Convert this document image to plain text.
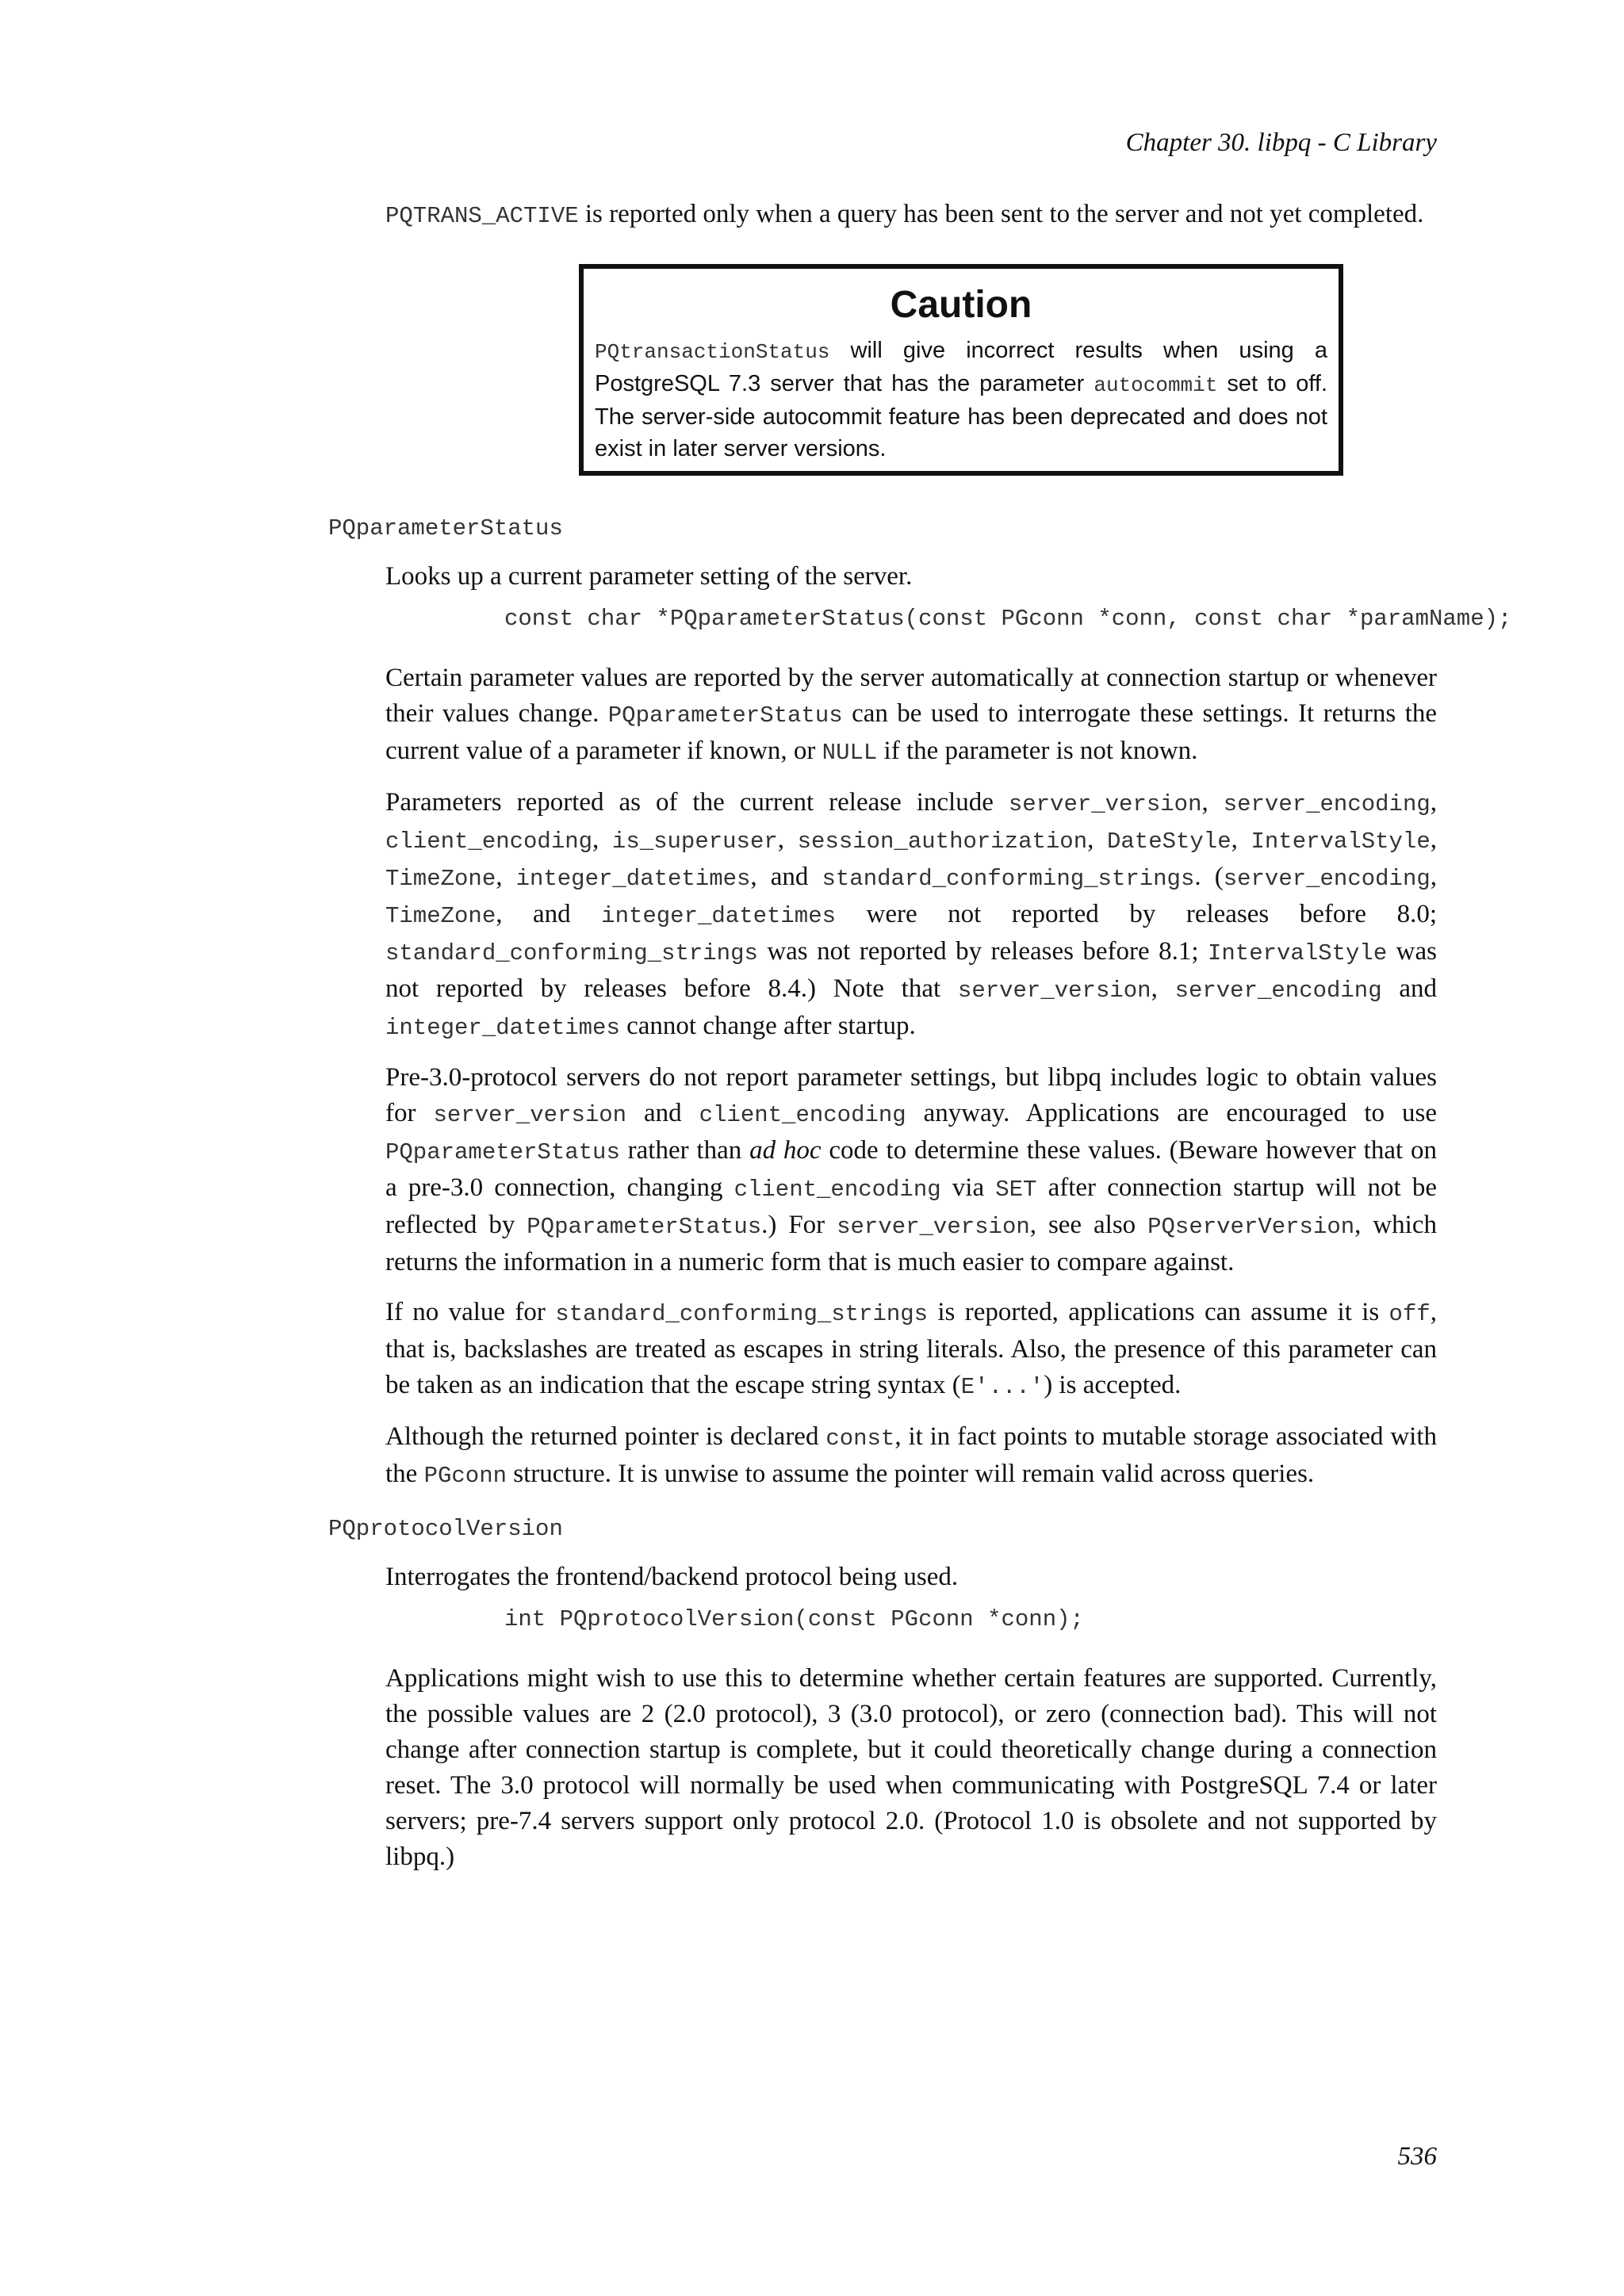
Chapter 30. libpq - C Library

PQTRANS_ACTIVE is reported only when a query has been sent to the server and not yet completed.

Caution

PQtransactionStatus will give incorrect results when using a PostgreSQL 7.3 server that has the parameter autocommit set to off. The server-side autocommit feature has been deprecated and does not exist in later server versions.

PQparameterStatus

Looks up a current parameter setting of the server.

const char *PQparameterStatus(const PGconn *conn, const char *paramName);

Certain parameter values are reported by the server automatically at connection startup or whenever their values change. PQparameterStatus can be used to interrogate these settings. It returns the current value of a parameter if known, or NULL if the parameter is not known.

Parameters reported as of the current release include server_version, server_encoding, client_encoding, is_superuser, session_authorization, DateStyle, IntervalStyle, TimeZone, integer_datetimes, and standard_conforming_strings. (server_encoding, TimeZone, and integer_datetimes were not reported by releases before 8.0; standard_conforming_strings was not reported by releases before 8.1; IntervalStyle was not reported by releases before 8.4.) Note that server_version, server_encoding and integer_datetimes cannot change after startup.

Pre-3.0-protocol servers do not report parameter settings, but libpq includes logic to obtain values for server_version and client_encoding anyway. Applications are encouraged to use PQparameterStatus rather than ad hoc code to determine these values. (Beware however that on a pre-3.0 connection, changing client_encoding via SET after connection startup will not be reflected by PQparameterStatus.) For server_version, see also PQserverVersion, which returns the information in a numeric form that is much easier to compare against.

If no value for standard_conforming_strings is reported, applications can assume it is off, that is, backslashes are treated as escapes in string literals. Also, the presence of this parameter can be taken as an indication that the escape string syntax (E'...') is accepted.

Although the returned pointer is declared const, it in fact points to mutable storage associated with the PGconn structure. It is unwise to assume the pointer will remain valid across queries.

PQprotocolVersion

Interrogates the frontend/backend protocol being used.

int PQprotocolVersion(const PGconn *conn);

Applications might wish to use this to determine whether certain features are supported. Currently, the possible values are 2 (2.0 protocol), 3 (3.0 protocol), or zero (connection bad). This will not change after connection startup is complete, but it could theoretically change during a connection reset. The 3.0 protocol will normally be used when communicating with PostgreSQL 7.4 or later servers; pre-7.4 servers support only protocol 2.0. (Protocol 1.0 is obsolete and not supported by libpq.)

536
